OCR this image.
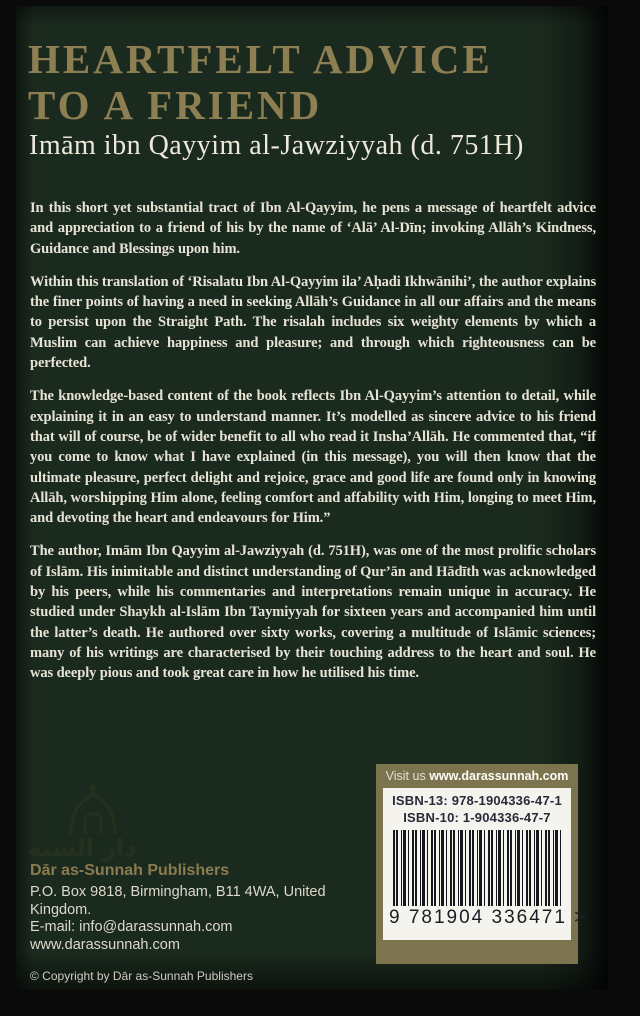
HEARTFELT ADVICE
TO A FRIEND
Imām ibn Qayyim al-Jawziyyah (d. 751H)

In this short yet substantial tract of Ibn Al-Qayyim, he pens a message of heartfelt advice and appreciation to a friend of his by the name of ‘Alā’ Al-Dīn; invoking Allāh’s Kindness, Guidance and Blessings upon him.

Within this translation of ‘Risalatu Ibn Al-Qayyim ila’ Aḥadi Ikhwānihi’, the author explains the finer points of having a need in seeking Allāh’s Guidance in all our affairs and the means to persist upon the Straight Path. The risalah includes six weighty elements by which a Muslim can achieve happiness and pleasure; and through which righteousness can be perfected.

The knowledge-based content of the book reflects Ibn Al-Qayyim’s attention to detail, while explaining it in an easy to understand manner. It’s modelled as sincere advice to his friend that will of course, be of wider benefit to all who read it Insha’Allāh. He commented that, “if you come to know what I have explained (in this message), you will then know that the ultimate pleasure, perfect delight and rejoice, grace and good life are found only in knowing Allāh, worshipping Him alone, feeling comfort and affability with Him, longing to meet Him, and devoting the heart and endeavours for Him.”

The author, Imām Ibn Qayyim al-Jawziyyah (d. 751H), was one of the most prolific scholars of Islām. His inimitable and distinct understanding of Qur’ān and Hādīth was acknowledged by his peers, while his commentaries and interpretations remain unique in accuracy. He studied under Shaykh al-Islām Ibn Taymiyyah for sixteen years and accompanied him until the latter’s death. He authored over sixty works, covering a multitude of Islāmic sciences; many of his writings are characterised by their touching address to the heart and soul. He was deeply pious and took great care in how he utilised his time.

دار السنة
Dār as-Sunnah Publishers
P.O. Box 9818, Birmingham, B11 4WA, United Kingdom.
E-mail: info@darassunnah.com
www.darassunnah.com
© Copyright by Dār as-Sunnah Publishers
Visit us www.darassunnah.com
ISBN-13: 978-1904336-47-1
ISBN-10: 1-904336-47-7
9 781904 336471 >
